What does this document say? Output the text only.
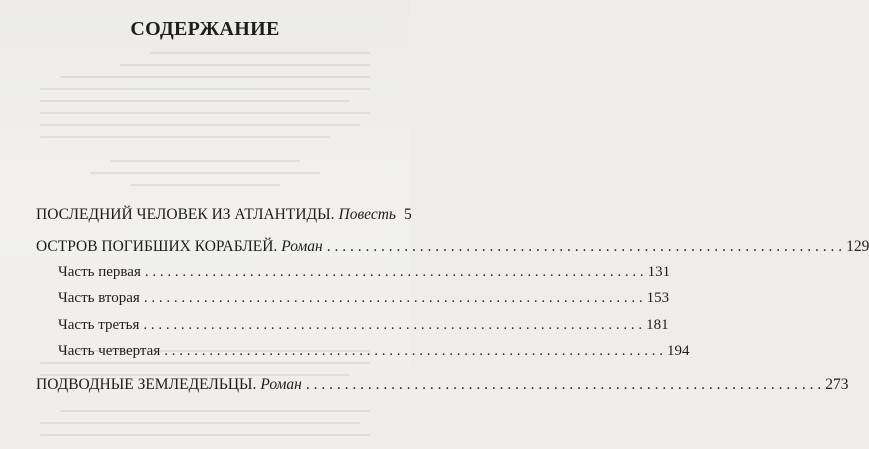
СОДЕРЖАНИЕ
ПОСЛЕДНИЙ ЧЕЛОВЕК ИЗ АТЛАНТИДЫ. Повесть 5
ОСТРОВ ПОГИБШИХ КОРАБЛЕЙ. Роман . . .	129
Часть первая . . .	131
Часть вторая . . .	153
Часть третья . . .	181
Часть четвертая . . .	194
ПОДВОДНЫЕ ЗЕМЛЕДЕЛЬЦЫ. Роман . . .	273
